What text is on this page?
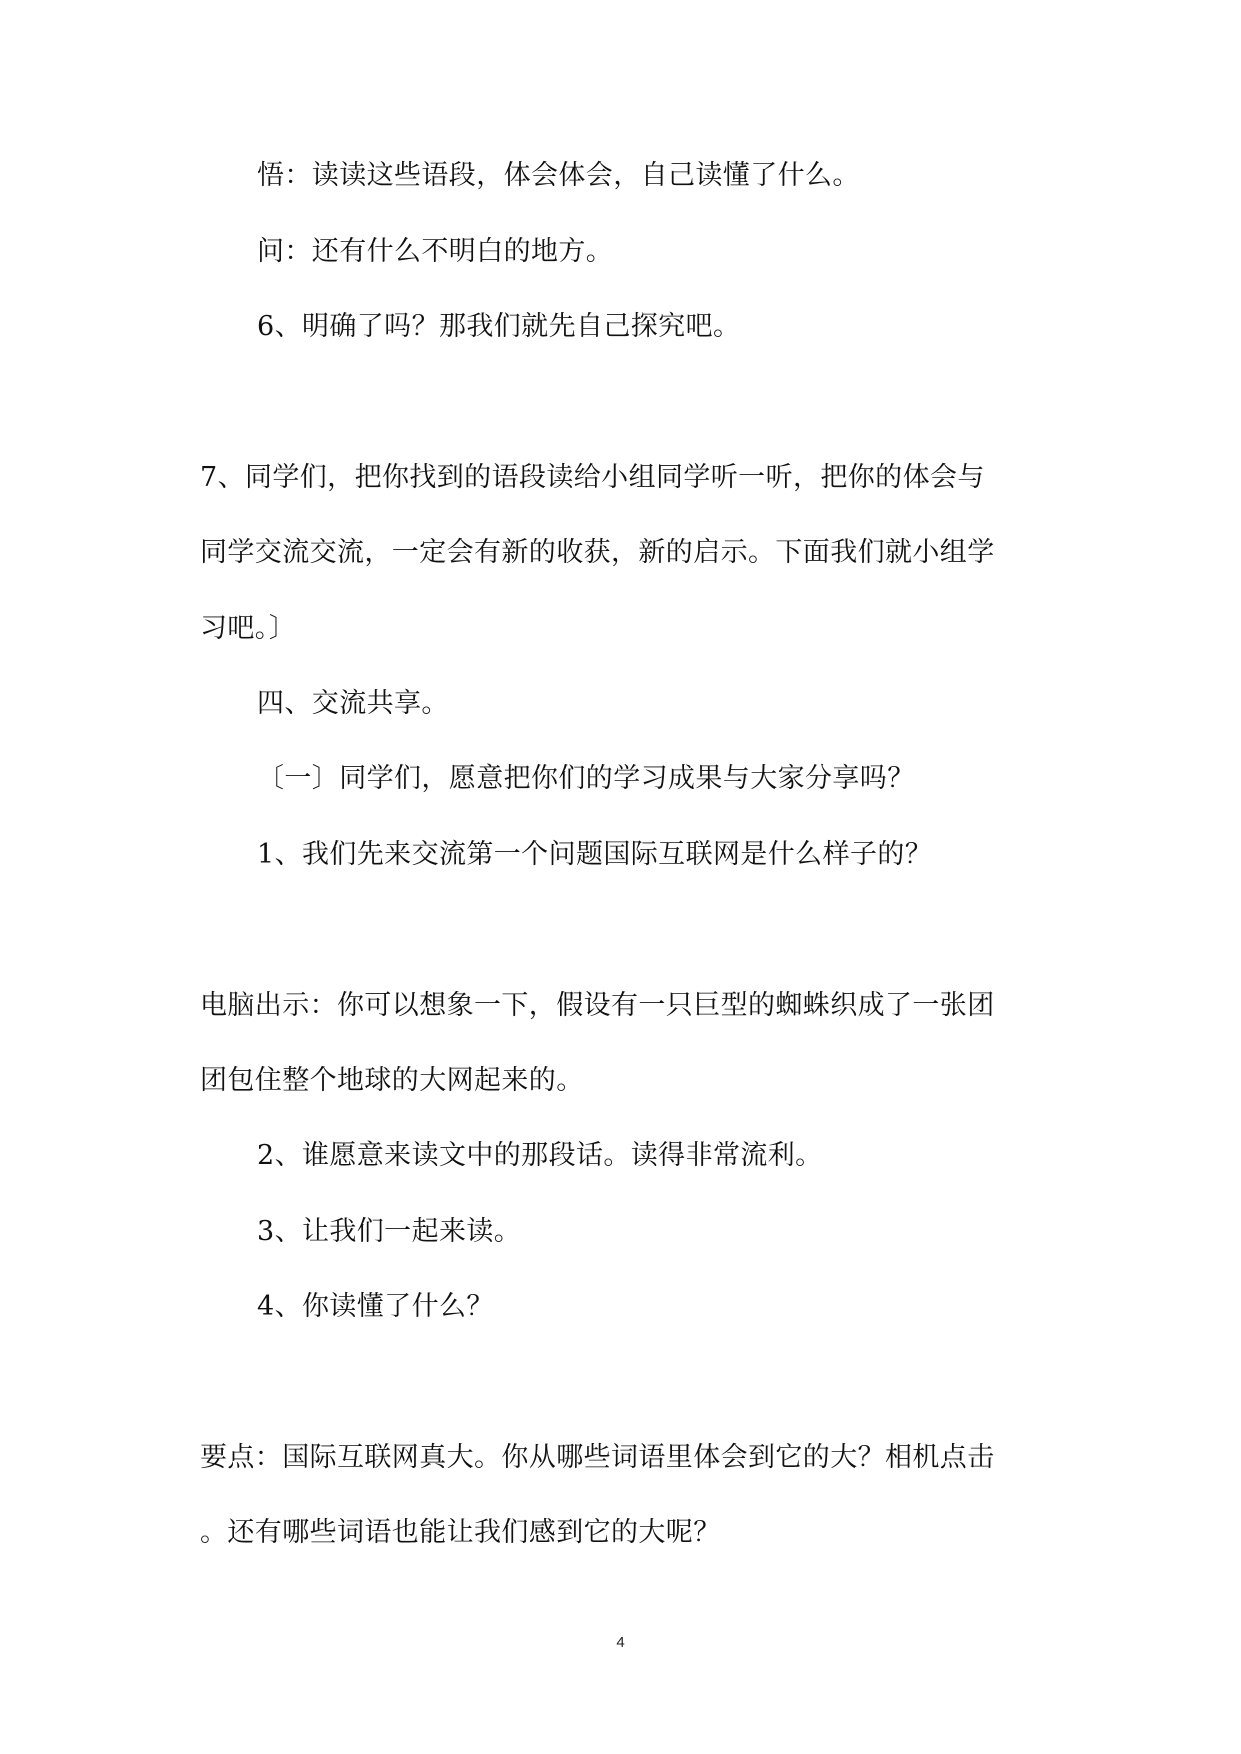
悟：读读这些语段，体会体会，自己读懂了什么。

问：还有什么不明白的地方。

6、明确了吗？那我们就先自己探究吧。

7、同学们，把你找到的语段读给小组同学听一听，把你的体会与

同学交流交流，一定会有新的收获，新的启示。下面我们就小组学

习吧。〕

四、交流共享。

〔一〕同学们，愿意把你们的学习成果与大家分享吗？

1、我们先来交流第一个问题国际互联网是什么样子的？

电脑出示：你可以想象一下，假设有一只巨型的蜘蛛织成了一张团

团包住整个地球的大网起来的。

2、谁愿意来读文中的那段话。读得非常流利。

3、让我们一起来读。

4、你读懂了什么？

要点：国际互联网真大。你从哪些词语里体会到它的大？相机点击

。还有哪些词语也能让我们感到它的大呢？

4
